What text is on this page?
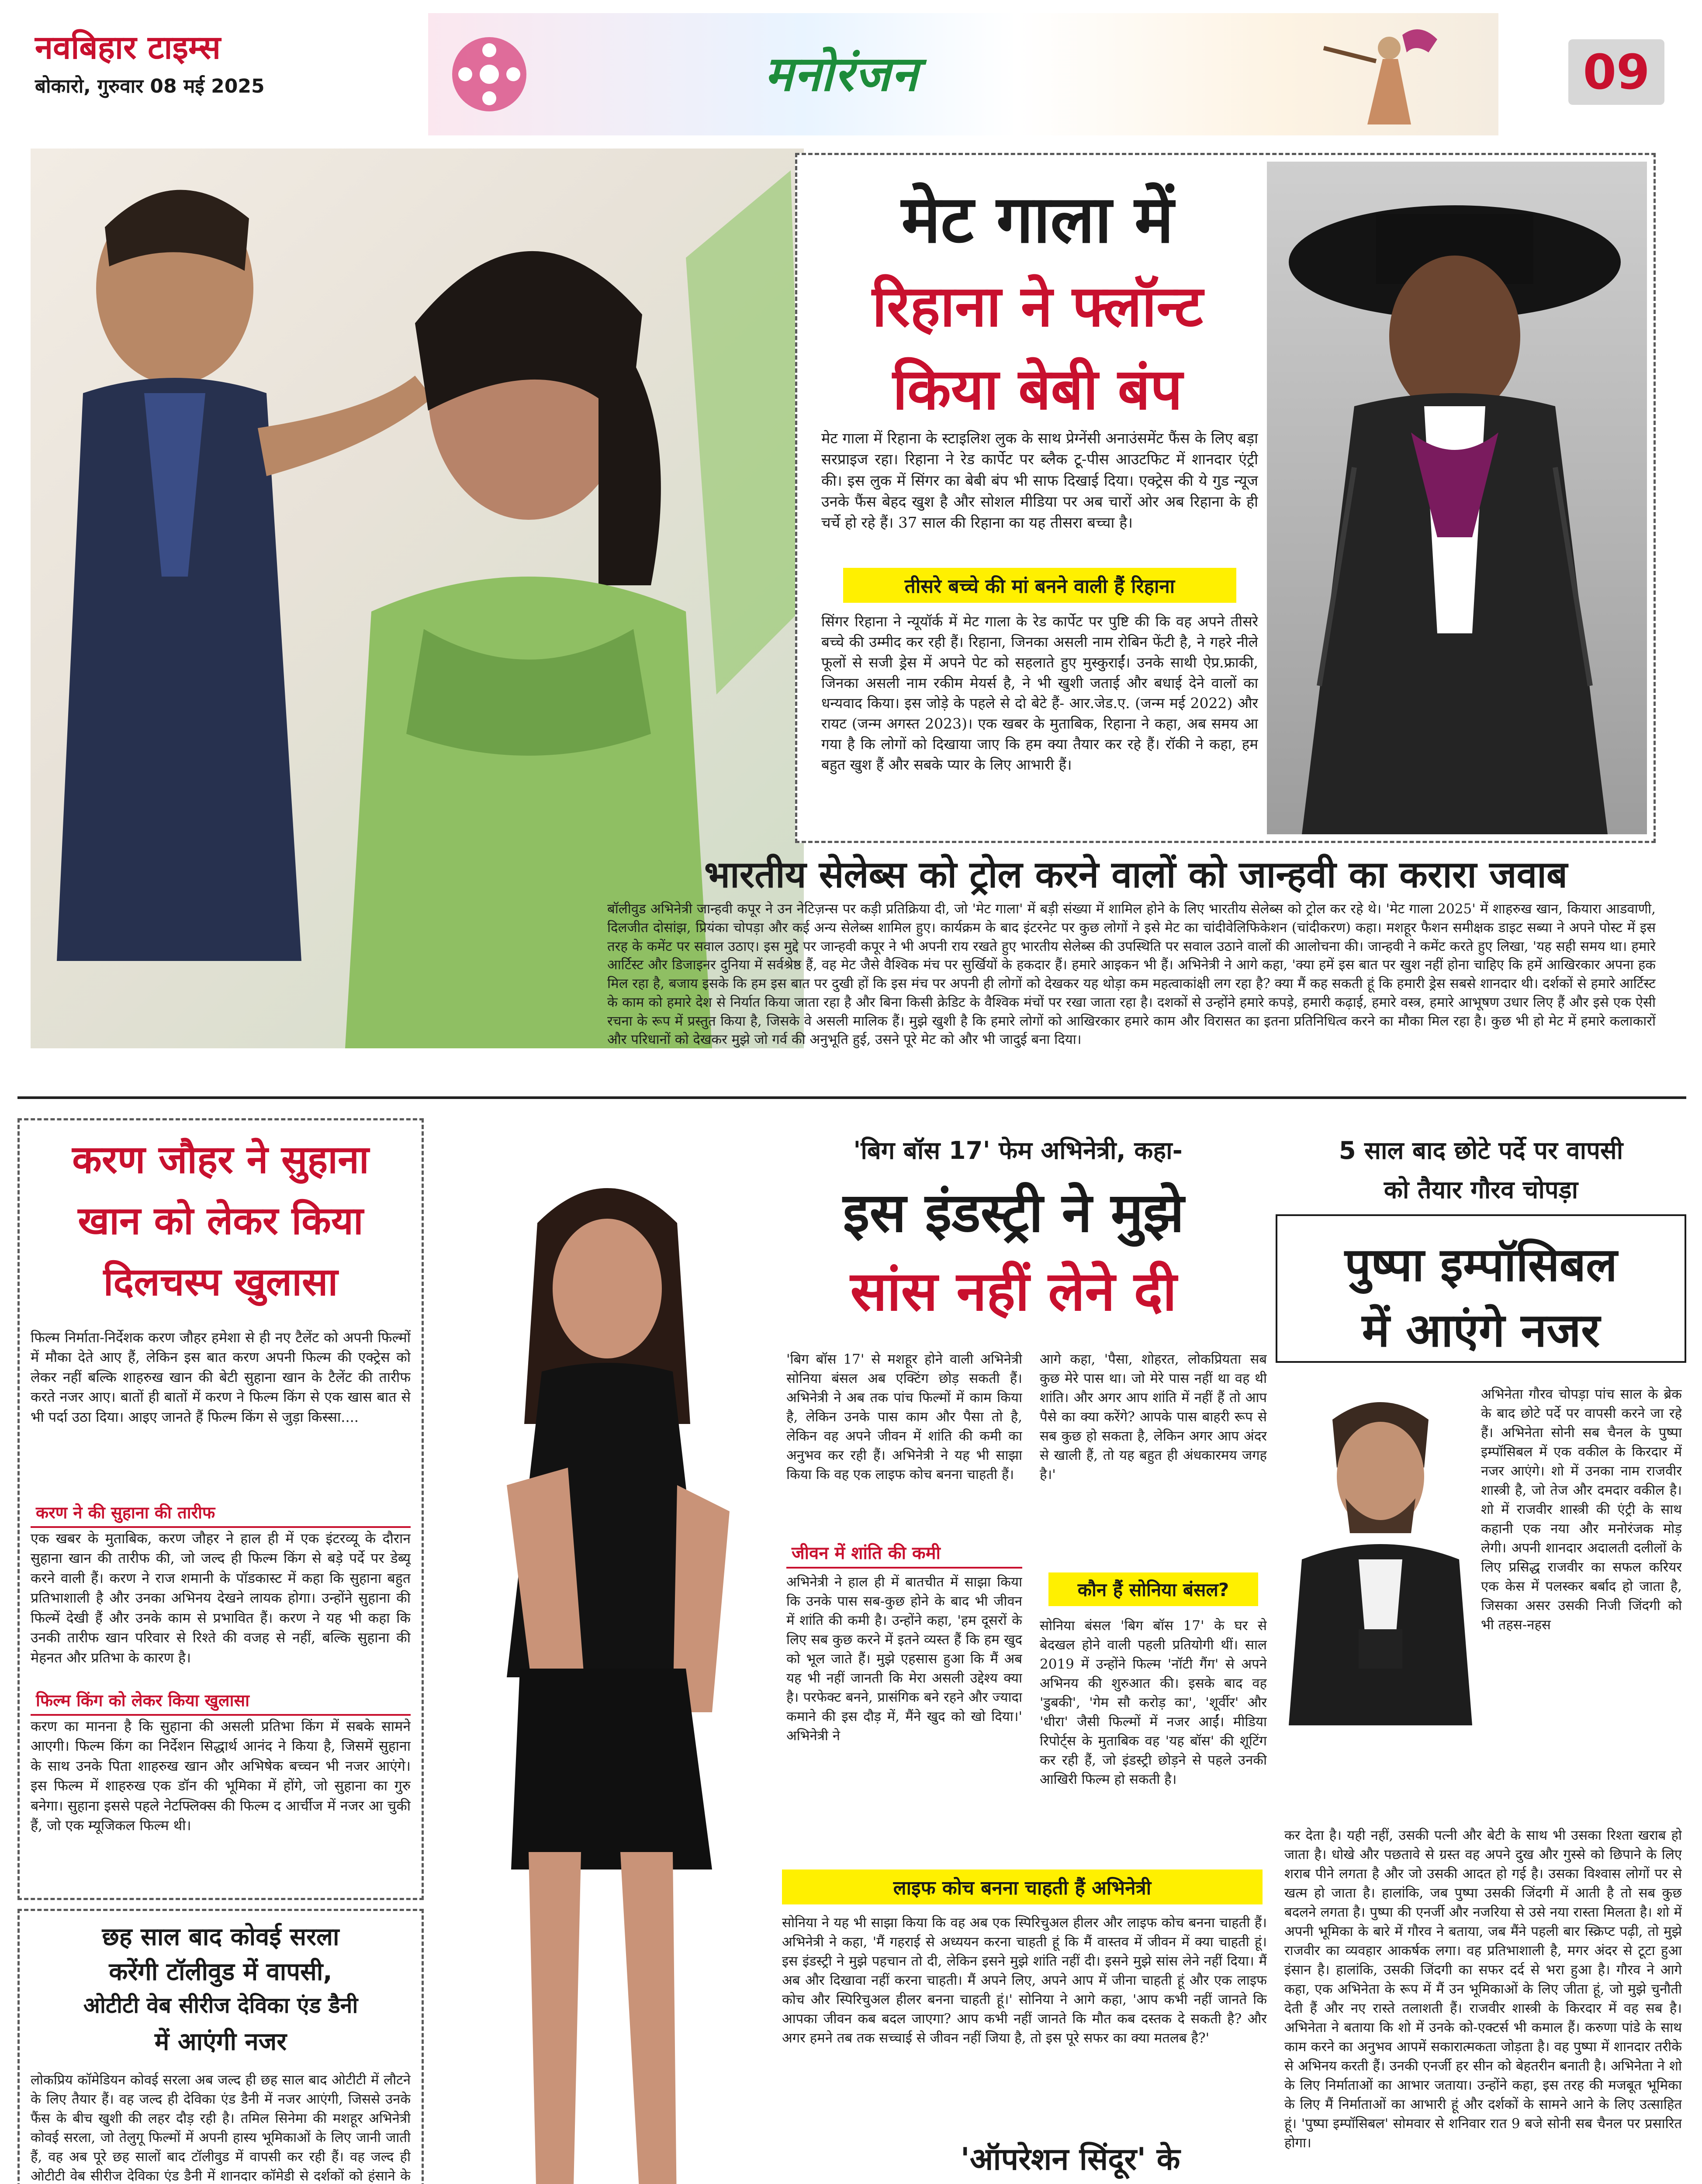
नवबिहार टाइम्स
बोकारो, गुरुवार 08 मई 2025	मनोरंजन	09
मेट गाला में
रिहाना ने फ्लॉन्ट
किया बेबी बंप
मेट गाला में रिहाना के स्टाइलिश लुक के साथ प्रेग्नेंसी अनाउंसमेंट फैंस के लिए बड़ा सरप्राइज रहा। रिहाना ने रेड कार्पेट पर ब्लैक टू-पीस आउटफिट में शानदार एंट्री की। इस लुक में सिंगर का बेबी बंप भी साफ दिखाई दिया। एक्ट्रेस की ये गुड न्यूज उनके फैंस बेहद खुश है और सोशल मीडिया पर अब चारों ओर अब रिहाना के ही चर्चे हो रहे हैं। 37 साल की रिहाना का यह तीसरा बच्चा है।
तीसरे बच्चे की मां बनने वाली हैं रिहाना
सिंगर रिहाना ने न्यूयॉर्क में मेट गाला के रेड कार्पेट पर पुष्टि की कि वह अपने तीसरे बच्चे की उम्मीद कर रही हैं। रिहाना, जिनका असली नाम रोबिन फेंटी है, ने गहरे नीले फूलों से सजी ड्रेस में अपने पेट को सहलाते हुए मुस्कुराईं। उनके साथी ऐप्र.फ्राकी, जिनका असली नाम रकीम मेयर्स है, ने भी खुशी जताई और बधाई देने वालों का धन्यवाद किया। इस जोड़े के पहले से दो बेटे हैं- आर.जेड.ए. (जन्म मई 2022) और रायट (जन्म अगस्त 2023)। एक खबर के मुताबिक, रिहाना ने कहा, अब समय आ गया है कि लोगों को दिखाया जाए कि हम क्या तैयार कर रहे हैं। रॉकी ने कहा, हम बहुत खुश हैं और सबके प्यार के लिए आभारी हैं।
भारतीय सेलेब्स को ट्रोल करने वालों को जान्हवी का करारा जवाब
बॉलीवुड अभिनेत्री जान्हवी कपूर ने उन नेटिज़न्स पर कड़ी प्रतिक्रिया दी, जो 'मेट गाला' में बड़ी संख्या में शामिल होने के लिए भारतीय सेलेब्स को ट्रोल कर रहे थे। 'मेट गाला 2025' में शाहरुख खान, कियारा आडवाणी, दिलजीत दोसांझ, प्रियंका चोपड़ा और कई अन्य सेलेब्स शामिल हुए। कार्यक्रम के बाद इंटरनेट पर कुछ लोगों ने इसे मेट का चांदीवेलिफिकेशन (चांदीकरण) कहा। मशहूर फैशन समीक्षक डाइट सब्या ने अपने पोस्ट में इस तरह के कमेंट पर सवाल उठाए। इस मुद्दे पर जान्हवी कपूर ने भी अपनी राय रखते हुए भारतीय सेलेब्स की उपस्थिति पर सवाल उठाने वालों की आलोचना की। जान्हवी ने कमेंट करते हुए लिखा, 'यह सही समय था। हमारे आर्टिस्ट और डिजाइनर दुनिया में सर्वश्रेष्ठ हैं, वह मेट जैसे वैश्विक मंच पर सुर्खियों के हकदार हैं। हमारे आइकन भी हैं। अभिनेत्री ने आगे कहा, 'क्या हमें इस बात पर खुश नहीं होना चाहिए कि हमें आखिरकार अपना हक मिल रहा है, बजाय इसके कि हम इस बात पर दुखी हों कि इस मंच पर अपनी ही लोगों को देखकर यह थोड़ा कम महत्वाकांक्षी लग रहा है? क्या मैं कह सकती हूं कि हमारी ड्रेस सबसे शानदार थी। दर्शकों से हमारे आर्टिस्ट के काम को हमारे देश से निर्यात किया जाता रहा है और बिना किसी क्रेडिट के वैश्विक मंचों पर रखा जाता रहा है। दशकों से उन्होंने हमारे कपड़े, हमारी कढ़ाई, हमारे वस्त्र, हमारे आभूषण उधार लिए हैं और इसे एक ऐसी रचना के रूप में प्रस्तुत किया है, जिसके वे असली मालिक हैं। मुझे खुशी है कि हमारे लोगों को आखिरकार हमारे काम और विरासत का इतना प्रतिनिधित्व करने का मौका मिल रहा है। कुछ भी हो मेट में हमारे कलाकारों और परिधानों को देखकर मुझे जो गर्व की अनुभूति हुई, उसने पूरे मेट को और भी जादुई बना दिया।
करण जौहर ने सुहाना
खान को लेकर किया
दिलचस्प खुलासा
फिल्म निर्माता-निर्देशक करण जौहर हमेशा से ही नए टैलेंट को अपनी फिल्मों में मौका देते आए हैं, लेकिन इस बात करण अपनी फिल्म की एक्ट्रेस को लेकर नहीं बल्कि शाहरुख खान की बेटी सुहाना खान के टैलेंट की तारीफ करते नजर आए। बातों ही बातों में करण ने फिल्म किंग से एक खास बात से भी पर्दा उठा दिया। आइए जानते हैं फिल्म किंग से जुड़ा किस्सा....
करण ने की सुहाना की तारीफ
एक खबर के मुताबिक, करण जौहर ने हाल ही में एक इंटरव्यू के दौरान सुहाना खान की तारीफ की, जो जल्द ही फिल्म किंग से बड़े पर्दे पर डेब्यू करने वाली हैं। करण ने राज शमानी के पॉडकास्ट में कहा कि सुहाना बहुत प्रतिभाशाली है और उनका अभिनय देखने लायक होगा। उन्होंने सुहाना की फिल्में देखी हैं और उनके काम से प्रभावित हैं। करण ने यह भी कहा कि उनकी तारीफ खान परिवार से रिश्ते की वजह से नहीं, बल्कि सुहाना की मेहनत और प्रतिभा के कारण है।
फिल्म किंग को लेकर किया खुलासा
करण का मानना है कि सुहाना की असली प्रतिभा किंग में सबके सामने आएगी। फिल्म किंग का निर्देशन सिद्धार्थ आनंद ने किया है, जिसमें सुहाना के साथ उनके पिता शाहरुख खान और अभिषेक बच्चन भी नजर आएंगे। इस फिल्म में शाहरुख एक डॉन की भूमिका में होंगे, जो सुहाना का गुरु बनेगा। सुहाना इससे पहले नेटफ्लिक्स की फिल्म द आर्चीज में नजर आ चुकी हैं, जो एक म्यूजिकल फिल्म थी।
छह साल बाद कोवई सरला
करेंगी टॉलीवुड में वापसी,
ओटीटी वेब सीरीज देविका एंड डैनी
में आएंगी नजर
लोकप्रिय कॉमेडियन कोवई सरला अब जल्द ही छह साल बाद ओटीटी में लौटने के लिए तैयार हैं। वह जल्द ही देविका एंड डैनी में नजर आएंगी, जिससे उनके फैंस के बीच खुशी की लहर दौड़ रही है। तमिल सिनेमा की मशहूर अभिनेत्री कोवई सरला, जो तेलुगू फिल्मों में अपनी हास्य भूमिकाओं के लिए जानी जाती हैं, वह अब पूरे छह सालों बाद टॉलीवुड में वापसी कर रही हैं। वह जल्द ही ओटीटी वेब सीरीज देविका एंड डैनी में शानदार कॉमेडी से दर्शकों को हंसाने के
'बिग बॉस 17' फेम अभिनेत्री, कहा-
इस इंडस्ट्री ने मुझे
सांस नहीं लेने दी
'बिग बॉस 17' से मशहूर होने वाली अभिनेत्री सोनिया बंसल अब एक्टिंग छोड़ सकती हैं। अभिनेत्री ने अब तक पांच फिल्मों में काम किया है, लेकिन उनके पास काम और पैसा तो है, लेकिन वह अपने जीवन में शांति की कमी का अनुभव कर रही हैं। अभिनेत्री ने यह भी साझा किया कि वह एक लाइफ कोच बनना चाहती हैं।
जीवन में शांति की कमी
अभिनेत्री ने हाल ही में बातचीत में साझा किया कि उनके पास सब-कुछ होने के बाद भी जीवन में शांति की कमी है। उन्होंने कहा, 'हम दूसरों के लिए सब कुछ करने में इतने व्यस्त हैं कि हम खुद को भूल जाते हैं। मुझे एहसास हुआ कि मैं अब यह भी नहीं जानती कि मेरा असली उद्देश्य क्या है। परफेक्ट बनने, प्रासंगिक बने रहने और ज्यादा कमाने की इस दौड़ में, मैंने खुद को खो दिया।' अभिनेत्री ने
आगे कहा, 'पैसा, शोहरत, लोकप्रियता सब कुछ मेरे पास था। जो मेरे पास नहीं था वह थी शांति। और अगर आप शांति में नहीं हैं तो आप पैसे का क्या करेंगे? आपके पास बाहरी रूप से सब कुछ हो सकता है, लेकिन अगर आप अंदर से खाली हैं, तो यह बहुत ही अंधकारमय जगह है।'
कौन हैं सोनिया बंसल?
सोनिया बंसल 'बिग बॉस 17' के घर से बेदखल होने वाली पहली प्रतियोगी थीं। साल 2019 में उन्होंने फिल्म 'नॉटी गैंग' से अपने अभिनय की शुरुआत की। इसके बाद वह 'डुबकी', 'गेम सौ करोड़ का', 'शूर्वीर' और 'धीरा' जैसी फिल्मों में नजर आईं। मीडिया रिपोर्ट्स के मुताबिक वह 'यह बॉस' की शूटिंग कर रही हैं, जो इंडस्ट्री छोड़ने से पहले उनकी आखिरी फिल्म हो सकती है।
लाइफ कोच बनना चाहती हैं अभिनेत्री
सोनिया ने यह भी साझा किया कि वह अब एक स्पिरिचुअल हीलर और लाइफ कोच बनना चाहती हैं। अभिनेत्री ने कहा, 'मैं गहराई से अध्ययन करना चाहती हूं कि मैं वास्तव में जीवन में क्या चाहती हूं। इस इंडस्ट्री ने मुझे पहचान तो दी, लेकिन इसने मुझे शांति नहीं दी। इसने मुझे सांस लेने नहीं दिया। मैं अब और दिखावा नहीं करना चाहती। मैं अपने लिए, अपने आप में जीना चाहती हूं और एक लाइफ कोच और स्पिरिचुअल हीलर बनना चाहती हूं।' सोनिया ने आगे कहा, 'आप कभी नहीं जानते कि आपका जीवन कब बदल जाएगा? आप कभी नहीं जानते कि मौत कब दस्तक दे सकती है? और अगर हमने तब तक सच्चाई से जीवन नहीं जिया है, तो इस पूरे सफर का क्या मतलब है?'
5 साल बाद छोटे पर्दे पर वापसी
को तैयार गौरव चोपड़ा
पुष्पा इम्पॉसिबल
में आएंगे नजर
अभिनेता गौरव चोपड़ा पांच साल के ब्रेक के बाद छोटे पर्दे पर वापसी करने जा रहे हैं। अभिनेता सोनी सब चैनल के पुष्पा इम्पॉसिबल में एक वकील के किरदार में नजर आएंगे। शो में उनका नाम राजवीर शास्त्री है, जो तेज और दमदार वकील है। शो में राजवीर शास्त्री की एंट्री के साथ कहानी एक नया और मनोरंजक मोड़ लेगी। अपनी शानदार अदालती दलीलों के लिए प्रसिद्ध राजवीर का सफल करियर एक केस में पलस्कर बर्बाद हो जाता है, जिसका असर उसकी निजी जिंदगी को भी तहस-नहस
कर देता है। यही नहीं, उसकी पत्नी और बेटी के साथ भी उसका रिश्ता खराब हो जाता है। धोखे और पछतावे से ग्रस्त वह अपने दुख और गुस्से को छिपाने के लिए शराब पीने लगता है और जो उसकी आदत हो गई है। उसका विश्वास लोगों पर से खत्म हो जाता है। हालांकि, जब पुष्पा उसकी जिंदगी में आती है तो सब कुछ बदलने लगता है। पुष्पा की एनर्जी और नजरिया से उसे नया रास्ता मिलता है। शो में अपनी भूमिका के बारे में गौरव ने बताया, जब मैंने पहली बार स्क्रिप्ट पढ़ी, तो मुझे राजवीर का व्यवहार आकर्षक लगा। वह प्रतिभाशाली है, मगर अंदर से टूटा हुआ इंसान है। हालांकि, उसकी जिंदगी का सफर दर्द से भरा हुआ है। गौरव ने आगे कहा, एक अभिनेता के रूप में मैं उन भूमिकाओं के लिए जीता हूं, जो मुझे चुनौती देती हैं और नए रास्ते तलाशती हैं। राजवीर शास्त्री के किरदार में वह सब है। अभिनेता ने बताया कि शो में उनके को-एक्टर्स भी कमाल हैं। करुणा पांडे के साथ काम करने का अनुभव आपमें सकारात्मकता जोड़ता है। वह पुष्पा में शानदार तरीके से अभिनय करती हैं। उनकी एनर्जी हर सीन को बेहतरीन बनाती है। अभिनेता ने शो के लिए निर्माताओं का आभार जताया। उन्होंने कहा, इस तरह की मजबूत भूमिका के लिए मैं निर्माताओं का आभारी हूं और दर्शकों के सामने आने के लिए उत्साहित हूं। 'पुष्पा इम्पॉसिबल' सोमवार से शनिवार रात 9 बजे सोनी सब चैनल पर प्रसारित होगा।
'ऑपरेशन सिंदूर' के
